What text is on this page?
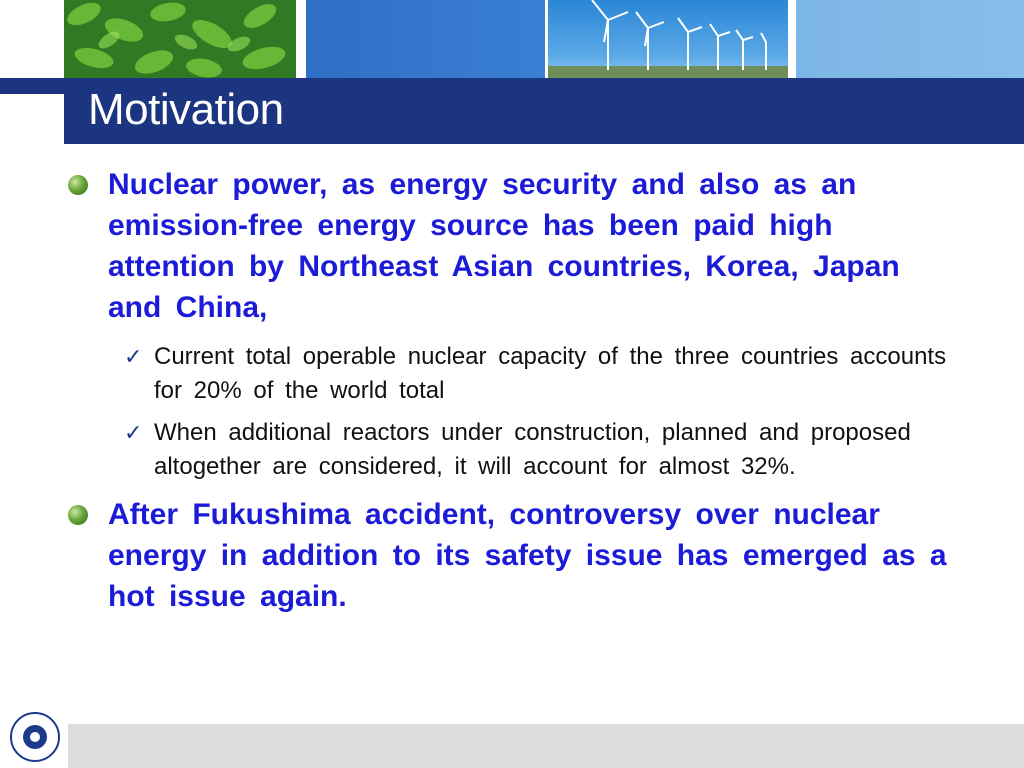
Motivation
Nuclear power, as energy security and also as an emission-free energy source has been paid high attention by Northeast Asian countries, Korea, Japan and China,
✓ Current total operable nuclear capacity of the three countries accounts for 20% of the world total
✓ When additional reactors under construction, planned and proposed altogether are considered, it will account for almost 32%.
After Fukushima accident, controversy over nuclear energy in addition to its safety issue has emerged as a hot issue again.
